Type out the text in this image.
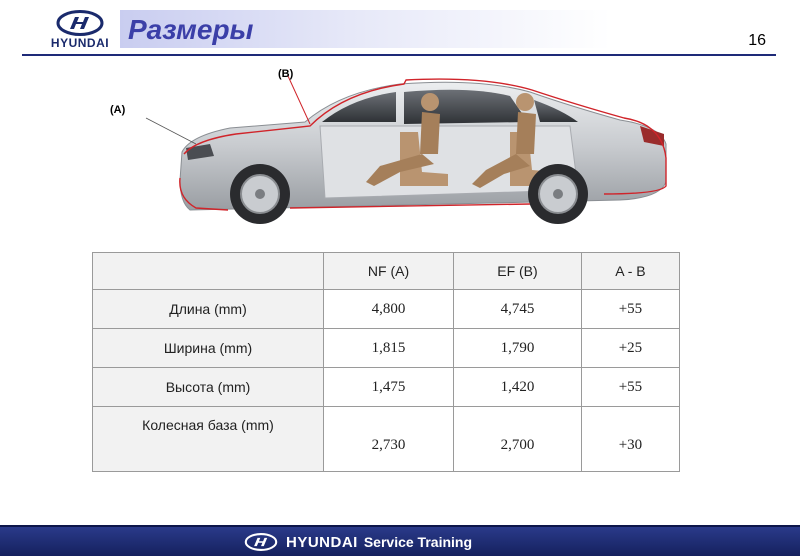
HYUNDAI Размеры	16
(A)
(B)
	NF (A)	EF (B)	A - B
Длина (mm)	4,800	4,745	+55
Ширина (mm)	1,815	1,790	+25
Высота (mm)	1,475	1,420	+55
Колесная база (mm)	2,730	2,700	+30
HYUNDAI Service Training
